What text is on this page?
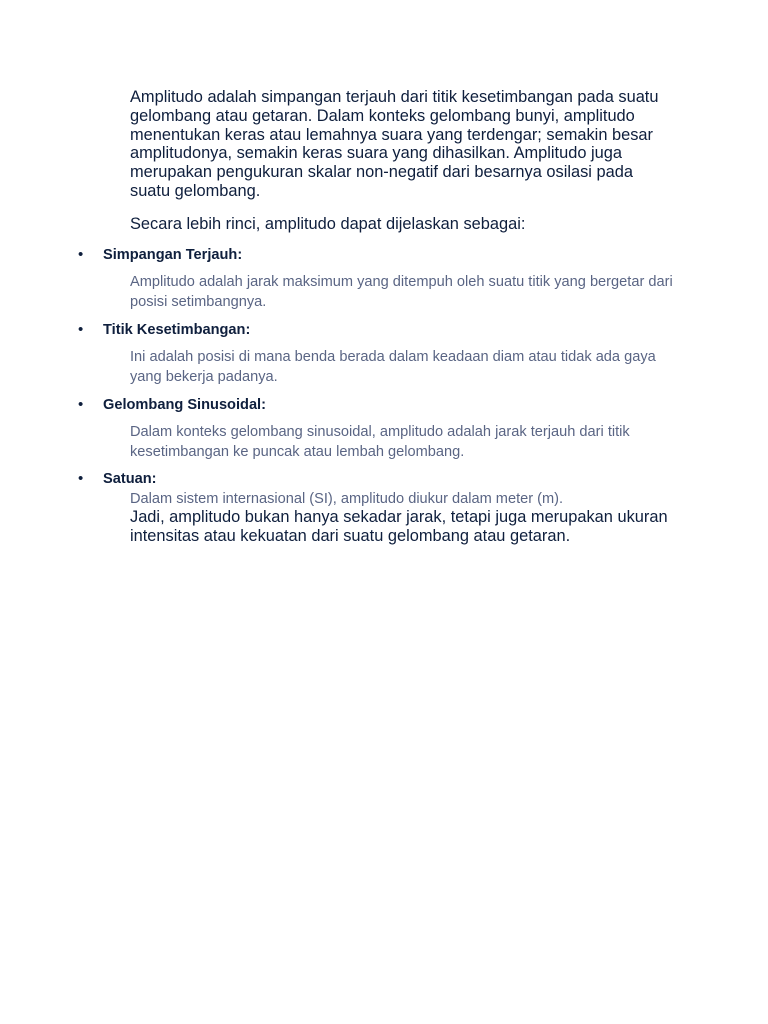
Amplitudo adalah simpangan terjauh dari titik kesetimbangan pada suatu gelombang atau getaran. Dalam konteks gelombang bunyi, amplitudo menentukan keras atau lemahnya suara yang terdengar; semakin besar amplitudonya, semakin keras suara yang dihasilkan. Amplitudo juga merupakan pengukuran skalar non-negatif dari besarnya osilasi pada suatu gelombang.

Secara lebih rinci, amplitudo dapat dijelaskan sebagai:

• Simpangan Terjauh:

Amplitudo adalah jarak maksimum yang ditempuh oleh suatu titik yang bergetar dari posisi setimbangnya.

• Titik Kesetimbangan:

Ini adalah posisi di mana benda berada dalam keadaan diam atau tidak ada gaya yang bekerja padanya.

• Gelombang Sinusoidal:

Dalam konteks gelombang sinusoidal, amplitudo adalah jarak terjauh dari titik kesetimbangan ke puncak atau lembah gelombang.

• Satuan:

Dalam sistem internasional (SI), amplitudo diukur dalam meter (m).

Jadi, amplitudo bukan hanya sekadar jarak, tetapi juga merupakan ukuran intensitas atau kekuatan dari suatu gelombang atau getaran.
